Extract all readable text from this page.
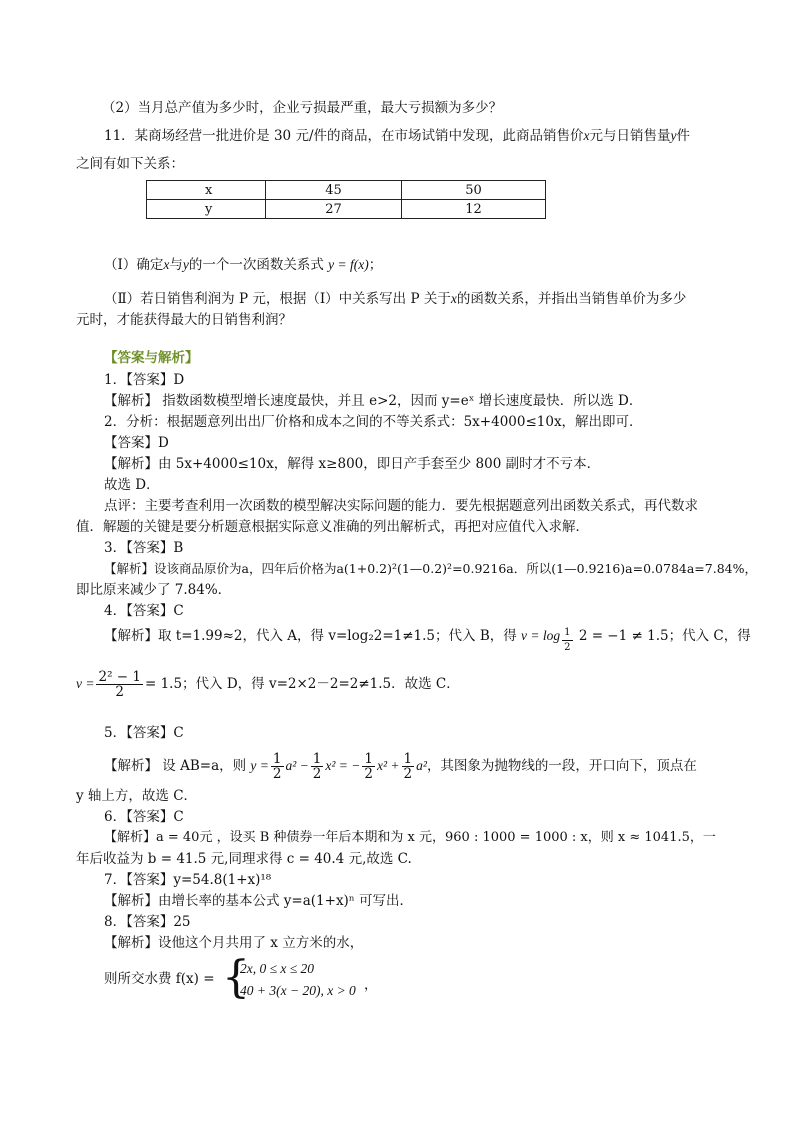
（2）当月总产值为多少时，企业亏损最严重，最大亏损额为多少？
11．某商场经营一批进价是 30 元/件的商品，在市场试销中发现，此商品销售价x元与日销售量y件
之间有如下关系：
x	45	50
y	27	12
（Ⅰ）确定x与y的一个一次函数关系式 y = f(x)；
（Ⅱ）若日销售利润为 P 元，根据（Ⅰ）中关系写出 P 关于x的函数关系，并指出当销售单价为多少
元时，才能获得最大的日销售利润？
【答案与解析】
1．【答案】D
【解析】 指数函数模型增长速度最快，并且 e>2，因而 y=eˣ 增长速度最快．所以选 D．
2．分析：根据题意列出出厂价格和成本之间的不等关系式：5x+4000≤10x，解出即可．
【答案】D
【解析】由 5x+4000≤10x，解得 x≥800，即日产手套至少 800 副时才不亏本．
故选 D．
点评：主要考查利用一次函数的模型解决实际问题的能力．要先根据题意列出函数关系式，再代数求
值．解题的关键是要分析题意根据实际意义准确的列出解析式，再把对应值代入求解．
3．【答案】B
【解析】设该商品原价为a，四年后价格为a(1+0.2)²(1—0.2)²=0.9216a．所以(1—0.9216)a=0.0784a=7.84%，
即比原来减少了 7.84%．
4．【答案】C
【解析】取 t=1.99≈2，代入 A，得 v=log₂2=1≠1.5；代入 B，得 $v = \log \frac{1}{2} 2 = -1 \ne 1.5$；代入 C，得
$v = \frac{\text{2² − 1}}{2} = 1.5$；代入 D，得 v=2×2－2=2≠1.5．故选 C．
5．【答案】C
【解析】 设 AB=a，则 $y = \frac{1}{2} a^2 - \frac{1}{2} x^2$ = − $\frac{1}{2} x^2 + \frac{1}{2} a^2$，其图象为抛物线的一段，开口向下，顶点在
y 轴上方，故选 C．
6．【答案】C
【解析】a = 40元 ，设买 B 种债券一年后本期和为 x 元，960 : 1000 = 1000 : x，则 x ≈ 1041.5，一
年后收益为 b = 41.5 元,同理求得 c = 40.4 元,故选 C.
7．【答案】y=54.8(1+x)¹⁸
【解析】由增长率的基本公式 y=a(1+x)ⁿ 可写出．
8．【答案】25
【解析】设他这个月共用了 x 立方米的水，
则所交水费 f(x) = {
2x, 0 ≤ x ≤ 20
40 + 3(x − 20), x > 0 ，
